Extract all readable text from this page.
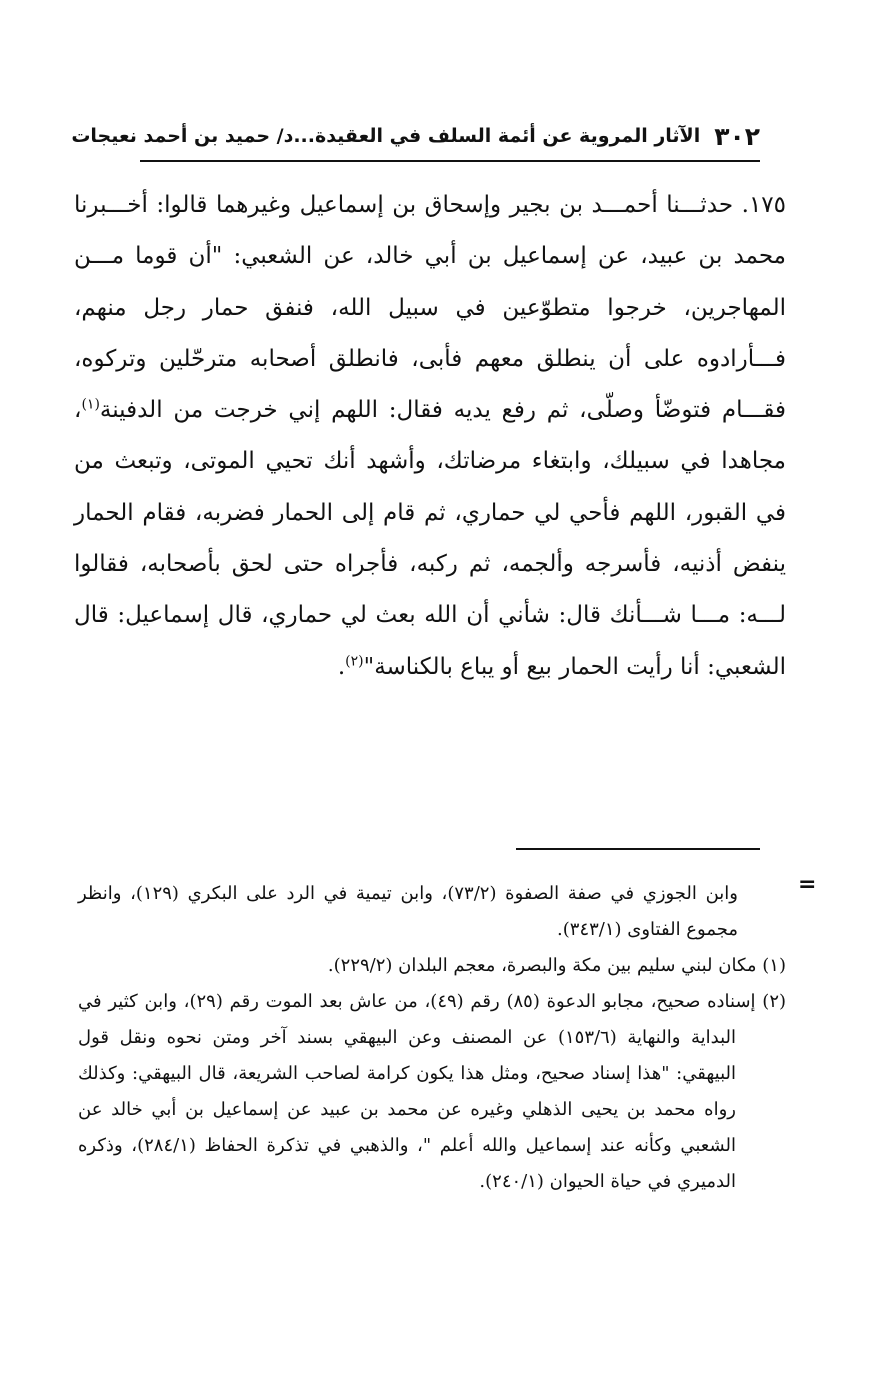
٣٠٢
الآثار المروية عن أئمة السلف في العقيدة...د/ حميد بن أحمد نعيجات

١٧٥. حدثـــنا أحمـــد بن بجير وإسحاق بن إسماعيل وغيرهما قالوا: أخـــبرنا محمد بن عبيد، عن إسماعيل بن أبي خالد، عن الشعبي: "أن قوما مـــن المهاجرين، خرجوا متطوّعين في سبيل الله، فنفق حمار رجل منهم، فـــأرادوه على أن ينطلق معهم فأبى، فانطلق أصحابه مترحّلين وتركوه، فقـــام فتوضّأ وصلّى، ثم رفع يديه فقال: اللهم إني خرجت من الدفينة$^{(١)}$، مجاهدا في سبيلك، وابتغاء مرضاتك، وأشهد أنك تحيي الموتى، وتبعث من في القبور، اللهم فأحي لي حماري، ثم قام إلى الحمار فضربه، فقام الحمار ينفض أذنيه، فأسرجه وألجمه، ثم ركبه، فأجراه حتى لحق بأصحابه، فقالوا لـــه: مـــا شـــأنك قال: شأني أن الله بعث لي حماري، قال إسماعيل: قال الشعبي: أنا رأيت الحمار بيع أو يباع بالكناسة"$^{(٢)}$.

=

وابن الجوزي في صفة الصفوة (٧٣/٢)، وابن تيمية في الرد على البكري (١٢٩)، وانظر مجموع الفتاوى (٣٤٣/١).

(١) مكان لبني سليم بين مكة والبصرة، معجم البلدان (٢٢٩/٢).

(٢) إسناده صحيح، مجابو الدعوة (٨٥) رقم (٤٩)، من عاش بعد الموت رقم (٢٩)، وابن كثير في البداية والنهاية (١٥٣/٦) عن المصنف وعن البيهقي بسند آخر ومتن نحوه ونقل قول البيهقي: "هذا إسناد صحيح، ومثل هذا يكون كرامة لصاحب الشريعة، قال البيهقي: وكذلك رواه محمد بن يحيى الذهلي وغيره عن محمد بن عبيد عن إسماعيل بن أبي خالد عن الشعبي وكأنه عند إسماعيل والله أعلم "، والذهبي في تذكرة الحفاظ (٢٨٤/١)، وذكره الدميري في حياة الحيوان (٢٤٠/١).
